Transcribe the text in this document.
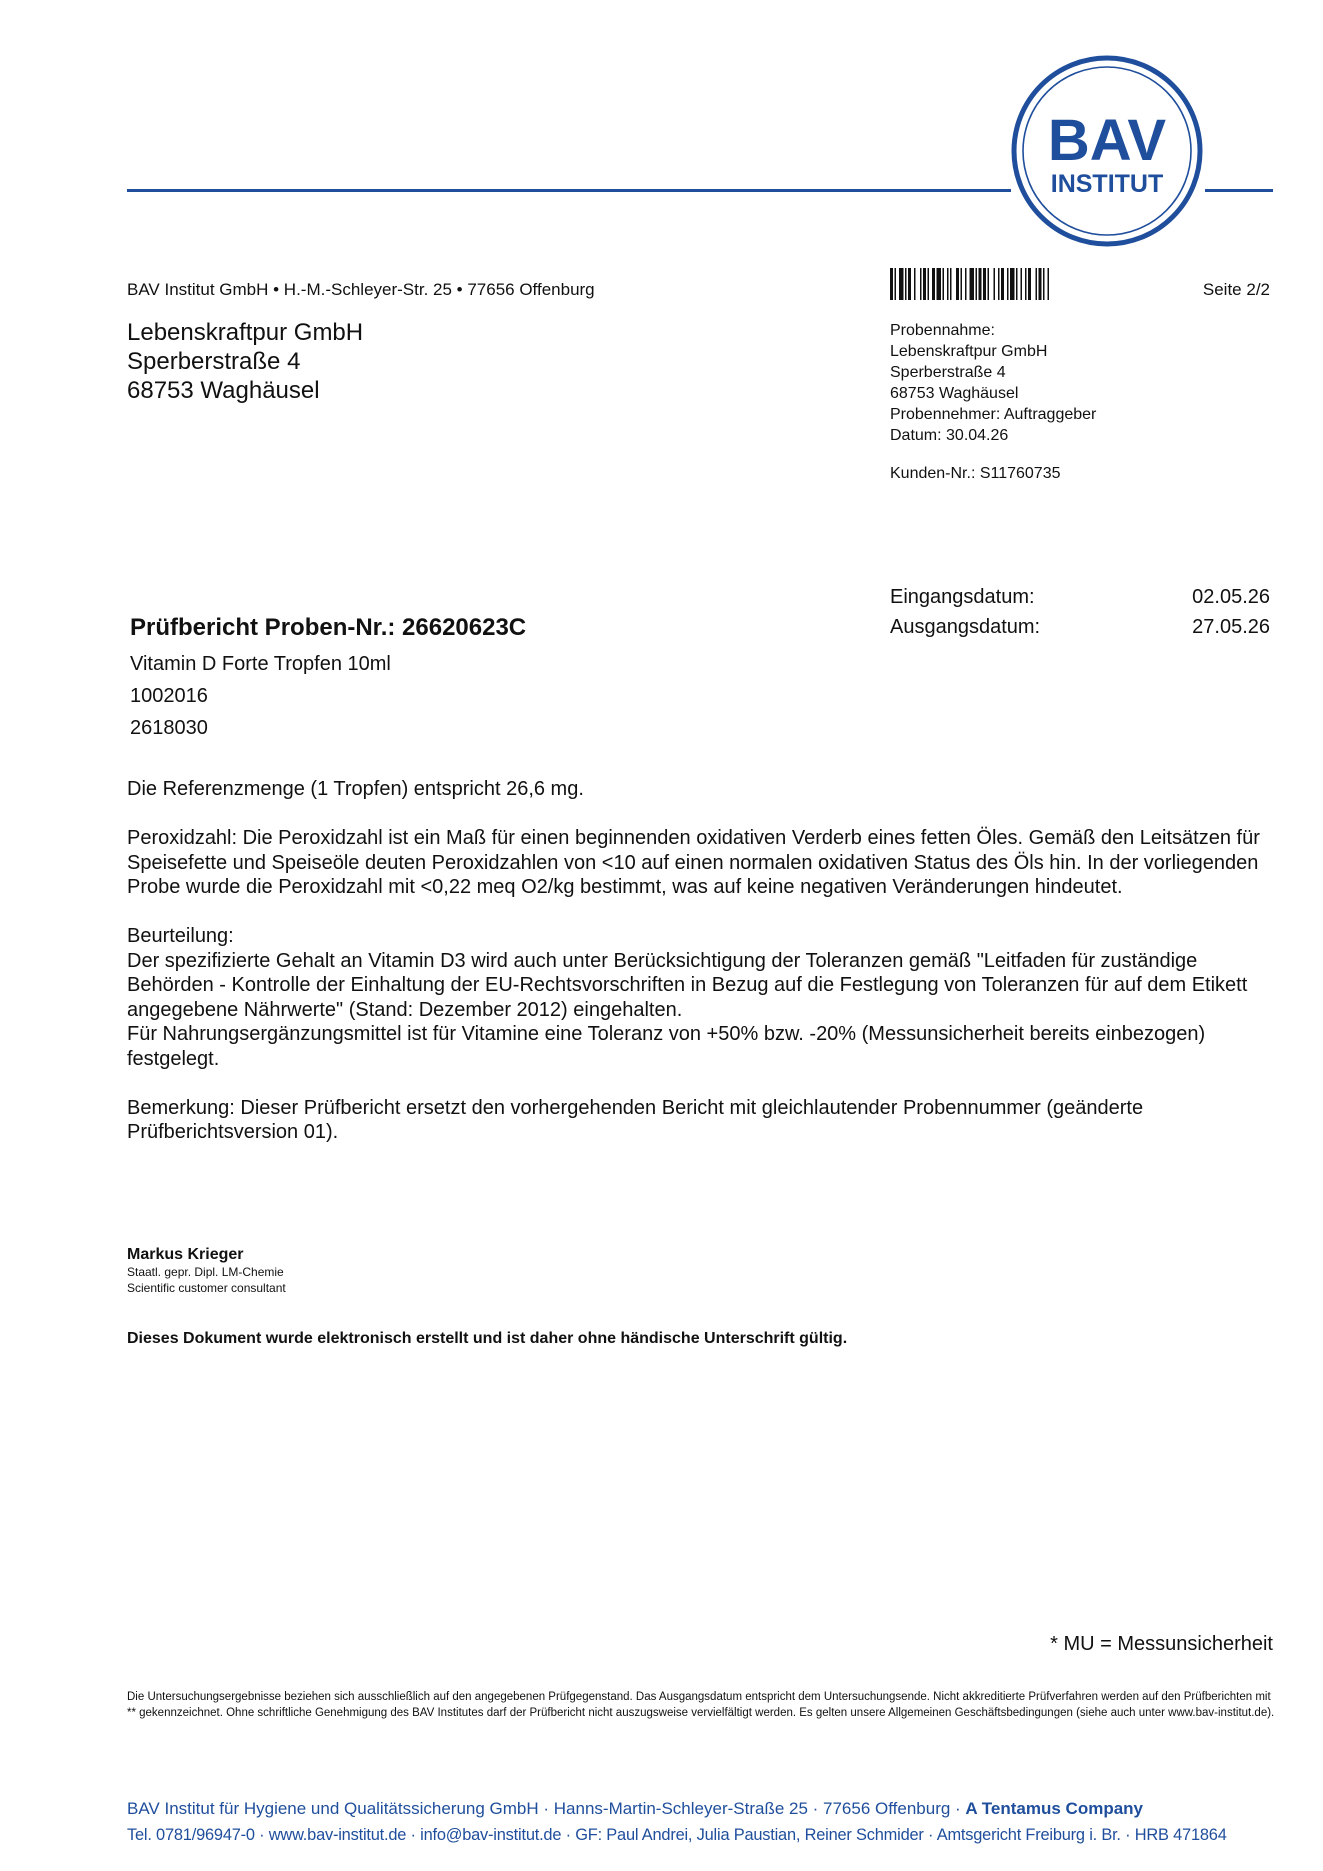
BAV
INSTITUT
BAV Institut GmbH • H.-M.-Schleyer-Str. 25 • 77656 Offenburg
Lebenskraftpur GmbH
Sperberstraße 4
68753 Waghäusel
Seite 2/2
Probennahme:
Lebenskraftpur GmbH
Sperberstraße 4
68753 Waghäusel
Probennehmer: Auftraggeber
Datum: 30.04.26
Kunden-Nr.: S11760735
Eingangsdatum:	02.05.26
Ausgangsdatum:	27.05.26
Prüfbericht Proben-Nr.: 26620623C
Vitamin D Forte Tropfen 10ml
1002016
2618030

Die Referenzmenge (1 Tropfen) entspricht 26,6 mg.

Peroxidzahl: Die Peroxidzahl ist ein Maß für einen beginnenden oxidativen Verderb eines fetten Öles. Gemäß den Leitsätzen für Speisefette und Speiseöle deuten Peroxidzahlen von <10 auf einen normalen oxidativen Status des Öls hin. In der vorliegenden Probe wurde die Peroxidzahl mit <0,22 meq O2/kg bestimmt, was auf keine negativen Veränderungen hindeutet.

Beurteilung:
Der spezifizierte Gehalt an Vitamin D3 wird auch unter Berücksichtigung der Toleranzen gemäß "Leitfaden für zuständige Behörden - Kontrolle der Einhaltung der EU-Rechtsvorschriften in Bezug auf die Festlegung von Toleranzen für auf dem Etikett angegebene Nährwerte" (Stand: Dezember 2012) eingehalten.

Für Nahrungsergänzungsmittel ist für Vitamine eine Toleranz von +50% bzw. -20% (Messunsicherheit bereits einbezogen) festgelegt.

Bemerkung: Dieser Prüfbericht ersetzt den vorhergehenden Bericht mit gleichlautender Probennummer (geänderte Prüfberichtsversion 01).

Markus Krieger
Staatl. gepr. Dipl. LM-Chemie
Scientific customer consultant
Dieses Dokument wurde elektronisch erstellt und ist daher ohne händische Unterschrift gültig.
* MU = Messunsicherheit
Die Untersuchungsergebnisse beziehen sich ausschließlich auf den angegebenen Prüfgegenstand. Das Ausgangsdatum entspricht dem Untersuchungsende. Nicht akkreditierte Prüfverfahren werden auf den Prüfberichten mit ** gekennzeichnet. Ohne schriftliche Genehmigung des BAV Institutes darf der Prüfbericht nicht auszugsweise vervielfältigt werden. Es gelten unsere Allgemeinen Geschäftsbedingungen (siehe auch unter www.bav-institut.de).
BAV Institut für Hygiene und Qualitätssicherung GmbH · Hanns-Martin-Schleyer-Straße 25 · 77656 Offenburg · A Tentamus Company
Tel. 0781/96947-0 · www.bav-institut.de · info@bav-institut.de · GF: Paul Andrei, Julia Paustian, Reiner Schmider · Amtsgericht Freiburg i. Br. · HRB 471864
